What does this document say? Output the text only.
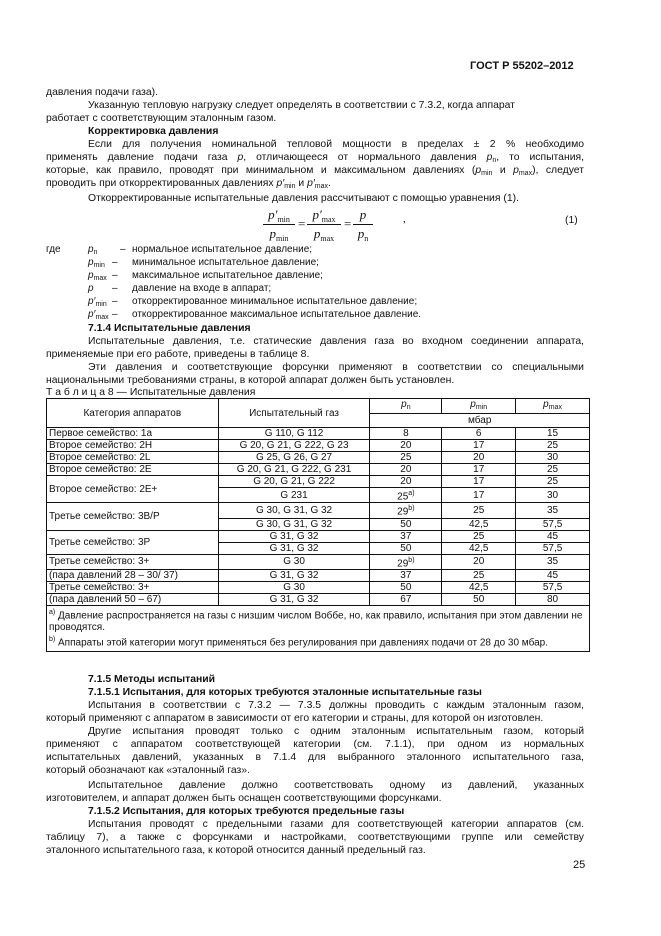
ГОСТ Р 55202–2012
давления подачи газа).
Указанную тепловую нагрузку следует определять в соответствии с 7.3.2, когда аппарат
работает с соответствующим эталонным газом.
Корректировка давления
Если для получения номинальной тепловой мощности в пределах ± 2 % необходимо
применять давление подачи газа p, отличающееся от нормального давления $p_n$, то испытания,
которые, как правило, проводят при минимальном и максимальном давлениях ($p_{min}$ и $p_{max}$), следует
проводить при откорректированных давлениях $p'_{min}$ и $p'_{max}$.
Откорректированные испытательные давления рассчитывают с помощью уравнения (1).
$p'_{min}$
$p_{min}$
=
$p'_{max}$
$p_{max}$
=
p
$p_n$
,	(1)
где	$p_n$ – нормальное испытательное давление;
$p_{min}$ – минимальное испытательное давление;
$p_{max}$ – максимальное испытательное давление;
p – давление на входе в аппарат;
$p'_{min}$ – откорректированное минимальное испытательное давление;
$p'_{max}$ – откорректированное максимальное испытательное давление.
7.1.4 Испытательные давления
Испытательные давления, т.е. статические давления газа во входном соединении аппарата,
применяемые при его работе, приведены в таблице 8.
Эти давления и соответствующие форсунки применяют в соответствии со специальными
национальными требованиями страны, в которой аппарат должен быть установлен.
Т а б л и ц а 8 — Испытательные давления
Категория аппаратов	Испытательный газ	$p_n$	$p_{min}$	$p_{max}$
		мбар		
Первое семейство: 1a	G 110, G 112	8	6	15
Второе семейство: 2H	G 20, G 21, G 222, G 23	20	17	25
Второе семейство: 2L	G 25, G 26, G 27	25	20	30
Второе семейство: 2E	G 20, G 21, G 222, G 231	20	17	25
Второе семейство: 2E+	G 20, G 21, G 222	20	17	25
	G 231	25$^{a)}$	17	30
Третье семейство: 3B/P	G 30, G 31, G 32	29$^{b)}$	25	35
	G 30, G 31, G 32	50	42,5	57,5
Третье семейство: 3P	G 31, G 32	37	25	45
	G 31, G 32	50	42,5	57,5
Третье семейство: 3+	G 30	29$^{b)}$	20	35
(пара давлений 28 – 30/ 37)	G 31, G 32	37	25	45
Третье семейство: 3+	G 30	50	42,5	57,5
(пара давлений 50 – 67)	G 31, G 32	67	50	80

$^{a)}$ Давление распространяется на газы с низшим числом Воббе, но, как правило, испытания при этом давлении не проводятся.
$^{b)}$ Аппараты этой категории могут применяться без регулирования при давлениях подачи от 28 до 30 мбар.				
7.1.5 Методы испытаний
7.1.5.1 Испытания, для которых требуются эталонные испытательные газы
Испытания в соответствии с 7.3.2 — 7.3.5 должны проводить с каждым эталонным газом,
который применяют с аппаратом в зависимости от его категории и страны, для которой он изготовлен.
Другие испытания проводят только с одним эталонным испытательным газом, который
применяют с аппаратом соответствующей категории (см. 7.1.1), при одном из нормальных
испытательных давлений, указанных в 7.1.4 для выбранного эталонного испытательного газа,
который обозначают как «эталонный газ».
Испытательное давление должно соответствовать одному из давлений, указанных
изготовителем, и аппарат должен быть оснащен соответствующими форсунками.
7.1.5.2 Испытания, для которых требуются предельные газы
Испытания проводят с предельными газами для соответствующей категории аппаратов (см.
таблицу 7), а также с форсунками и настройками, соответствующими группе или семейству
эталонного испытательного газа, к которой относится данный предельный газ.
25
